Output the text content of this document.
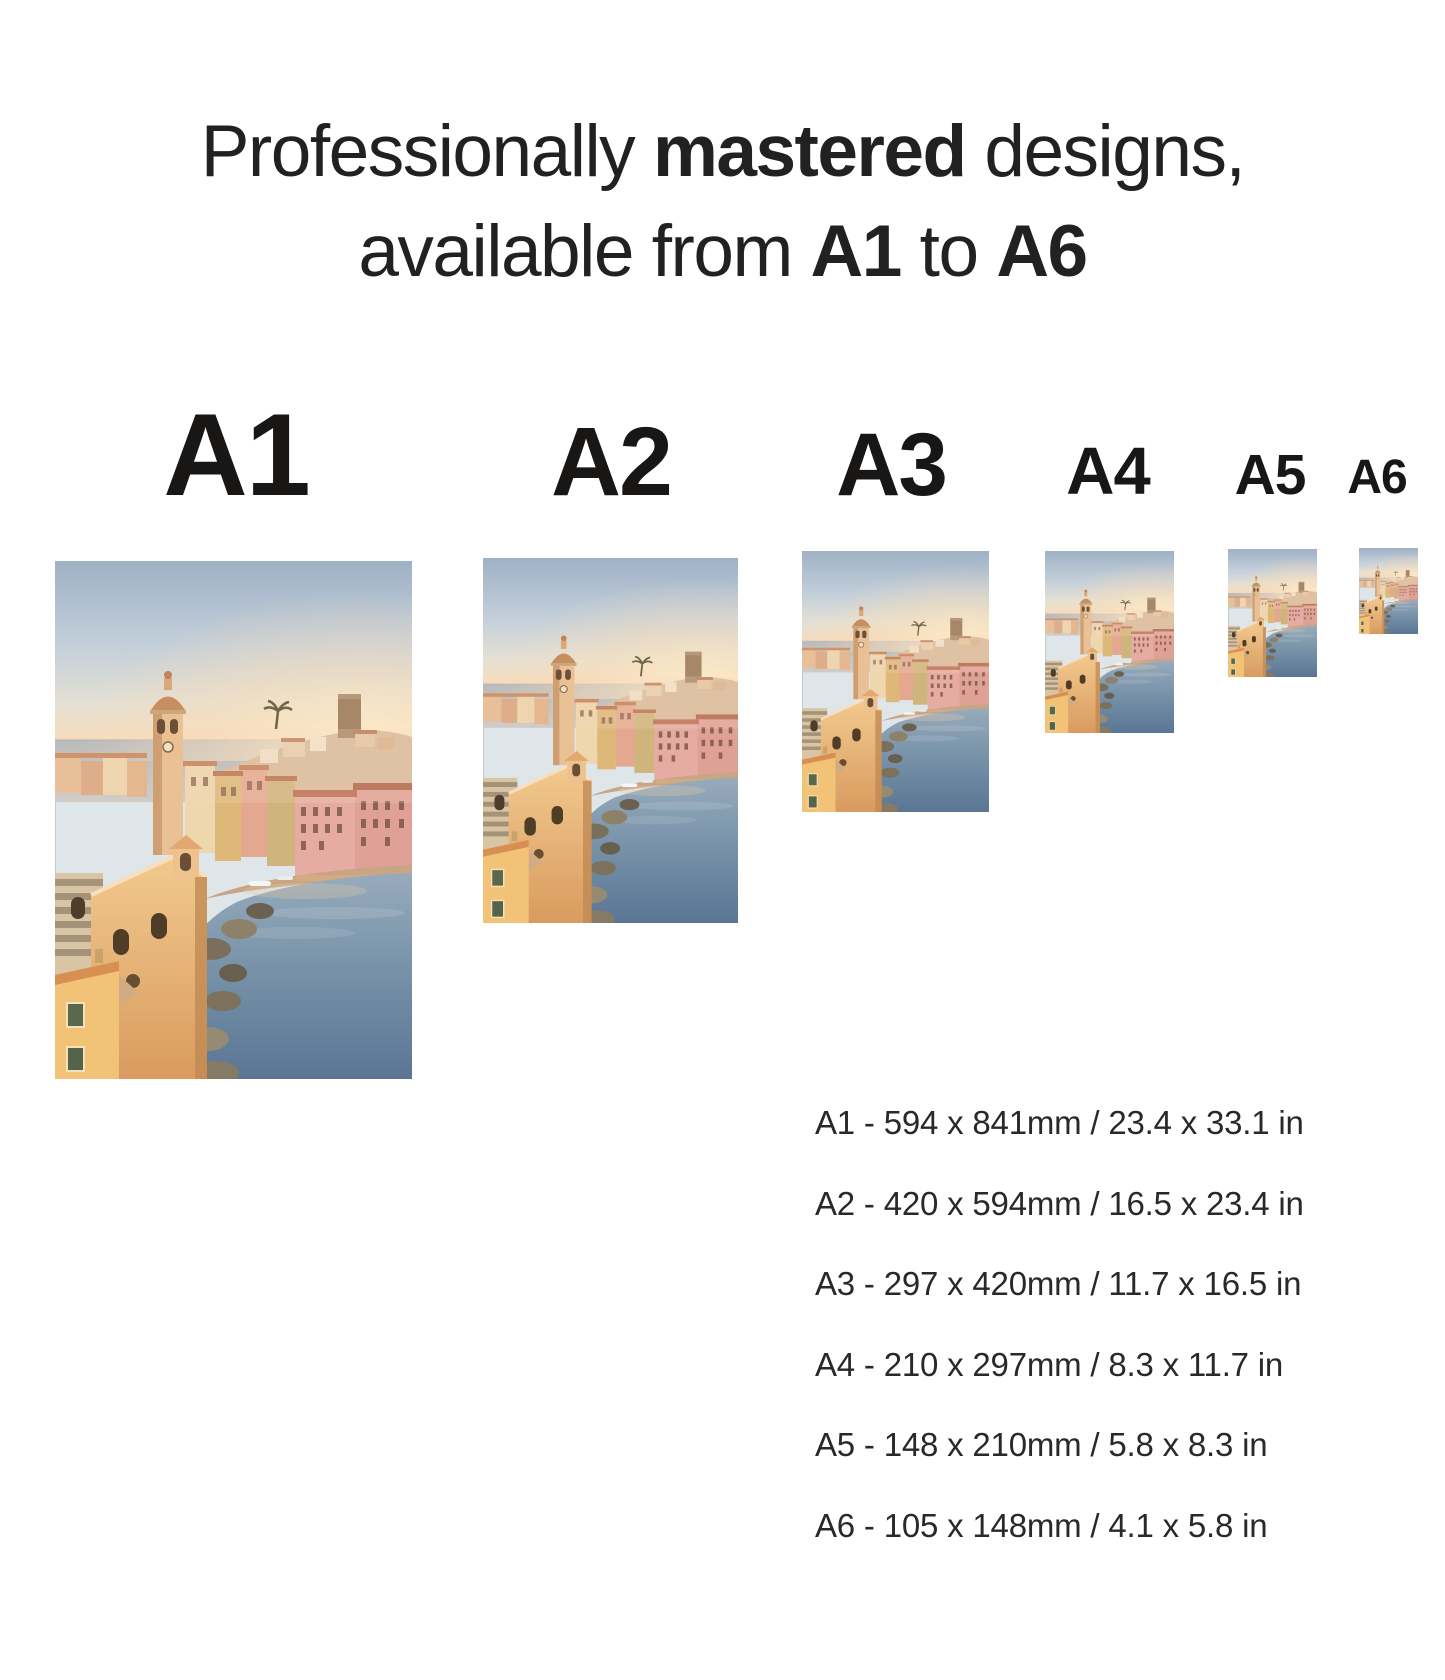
Professionally mastered designs,
available from A1 to A6
A1 A2 A3 A4 A5 A6
A1 - 594 x 841mm / 23.4 x 33.1 in
A2 - 420 x 594mm / 16.5 x 23.4 in
A3 - 297 x 420mm / 11.7 x 16.5 in
A4 - 210 x 297mm / 8.3 x 11.7 in
A5 - 148 x 210mm / 5.8 x 8.3 in
A6 - 105 x 148mm / 4.1 x 5.8 in
